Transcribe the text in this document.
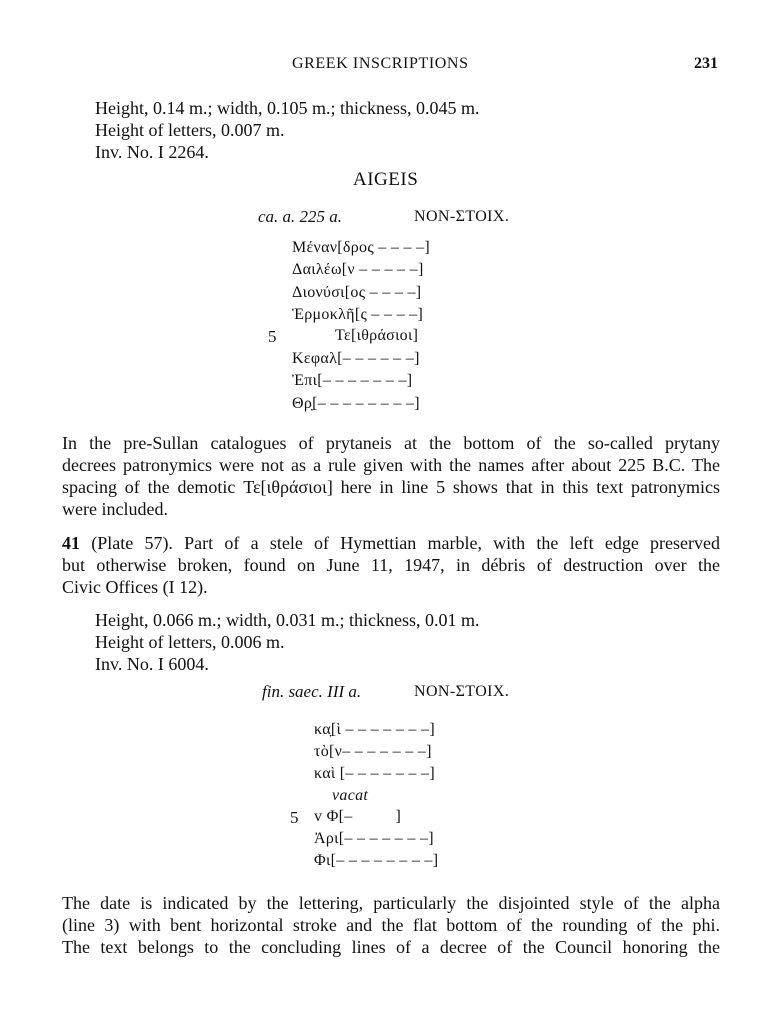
GREEK INSCRIPTIONS	231
Height, 0.14 m.; width, 0.105 m.; thickness, 0.045 m.
Height of letters, 0.007 m.
Inv. No. I 2264.
AIGEIS
ca. a. 225 a.	NON-ΣΤΟΙΧ.
Μέναν[δρος – – – –]
Δαιλέω[ν – – – – –]
Διονύσι[ος – – – –]
Ἑρμοκλῆ[ς – – – –]
5	Τε[ιθράσιοι]
Κεφαλ[– – – – – –]
Ἐπι[– – – – – – –]
Θρ̣[– – – – – – – –]
In the pre-Sullan catalogues of prytaneis at the bottom of the so-called prytany
decrees patronymics were not as a rule given with the names after about 225 B.C. The
spacing of the demotic Τε[ιθράσιοι] here in line 5 shows that in this text patronymics
were included.
41 (Plate 57). Part of a stele of Hymettian marble, with the left edge preserved
but otherwise broken, found on June 11, 1947, in débris of destruction over the
Civic Offices (I 12).
Height, 0.066 m.; width, 0.031 m.; thickness, 0.01 m.
Height of letters, 0.006 m.
Inv. No. I 6004.
fin. saec. III a.	NON-ΣΤΟΙΧ.
κα̣[ὶ – – – – – – –]
τὸ[ν– – – – – – –]
καὶ [– – – – – – –]
vacat
5 v Φ[–          ]
Ἀρι[– – – – – – –]
Φι[– – – – – – – –]
The date is indicated by the lettering, particularly the disjointed style of the alpha
(line 3) with bent horizontal stroke and the flat bottom of the rounding of the phi.
The text belongs to the concluding lines of a decree of the Council honoring the
